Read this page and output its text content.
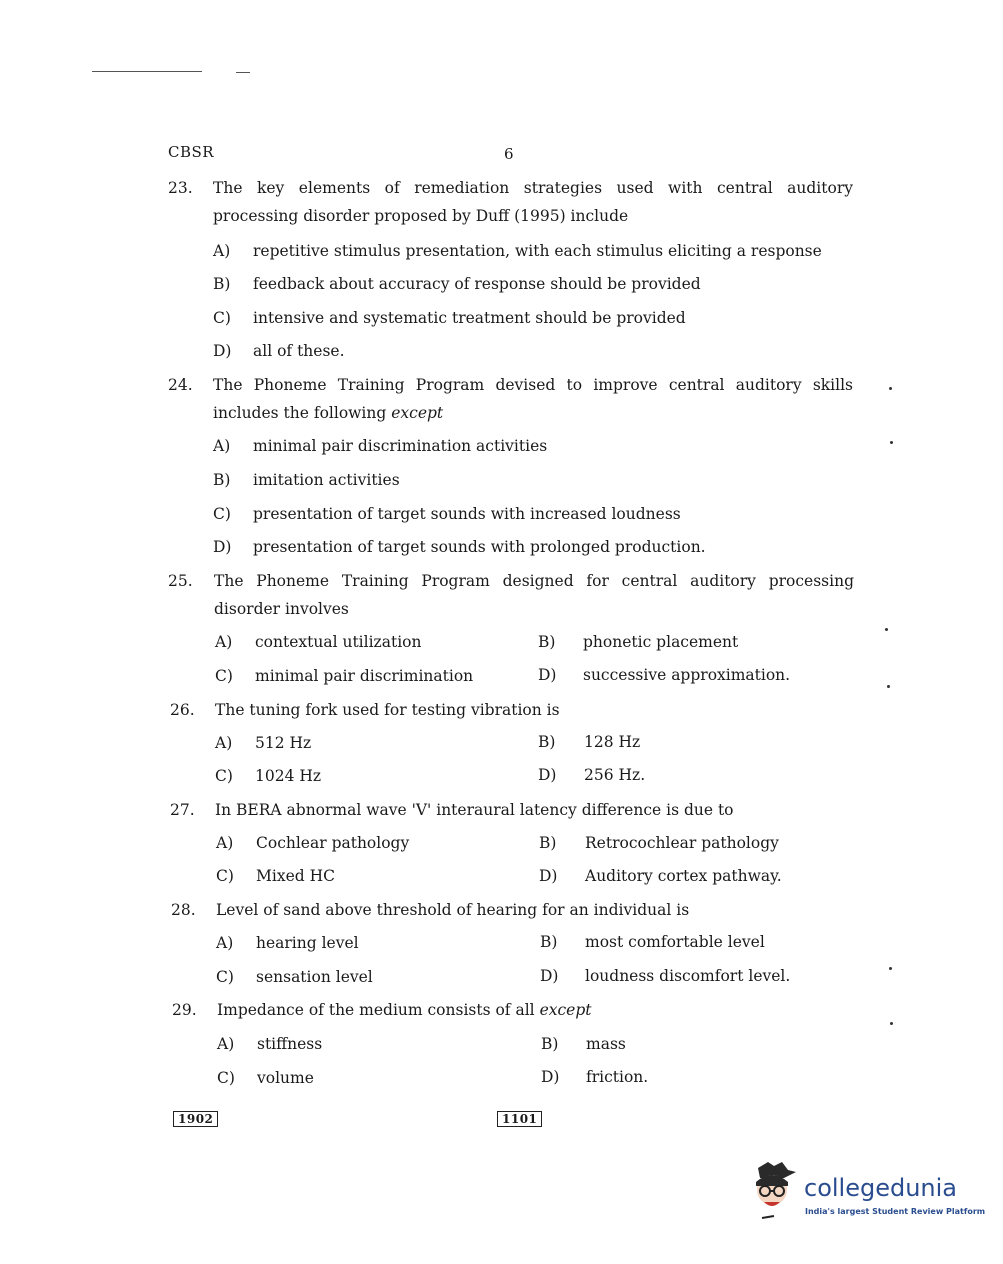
CBSR	6
23.	The key elements of remediation strategies used with central auditory processing disorder proposed by Duff (1995) include
A) repetitive stimulus presentation, with each stimulus eliciting a response
B) feedback about accuracy of response should be provided
C) intensive and systematic treatment should be provided
D) all of these.
24.	The Phoneme Training Program devised to improve central auditory skills includes the following except
A) minimal pair discrimination activities
B) imitation activities
C) presentation of target sounds with increased loudness
D) presentation of target sounds with prolonged production.
25.	The Phoneme Training Program designed for central auditory processing disorder involves
A) contextual utilization	B) phonetic placement
C) minimal pair discrimination	D) successive approximation.
26.	The tuning fork used for testing vibration is
A) 512 Hz	B) 128 Hz
C) 1024 Hz	D) 256 Hz.
27.	In BERA abnormal wave 'V' interaural latency difference is due to
A) Cochlear pathology	B) Retrocochlear pathology
C) Mixed HC	D) Auditory cortex pathway.
28.	Level of sand above threshold of hearing for an individual is
A) hearing level	B) most comfortable level
C) sensation level	D) loudness discomfort level.
29.	Impedance of the medium consists of all except
A) stiffness	B) mass
C) volume	D) friction.
1902	1101
collegedunia
India's largest Student Review Platform
